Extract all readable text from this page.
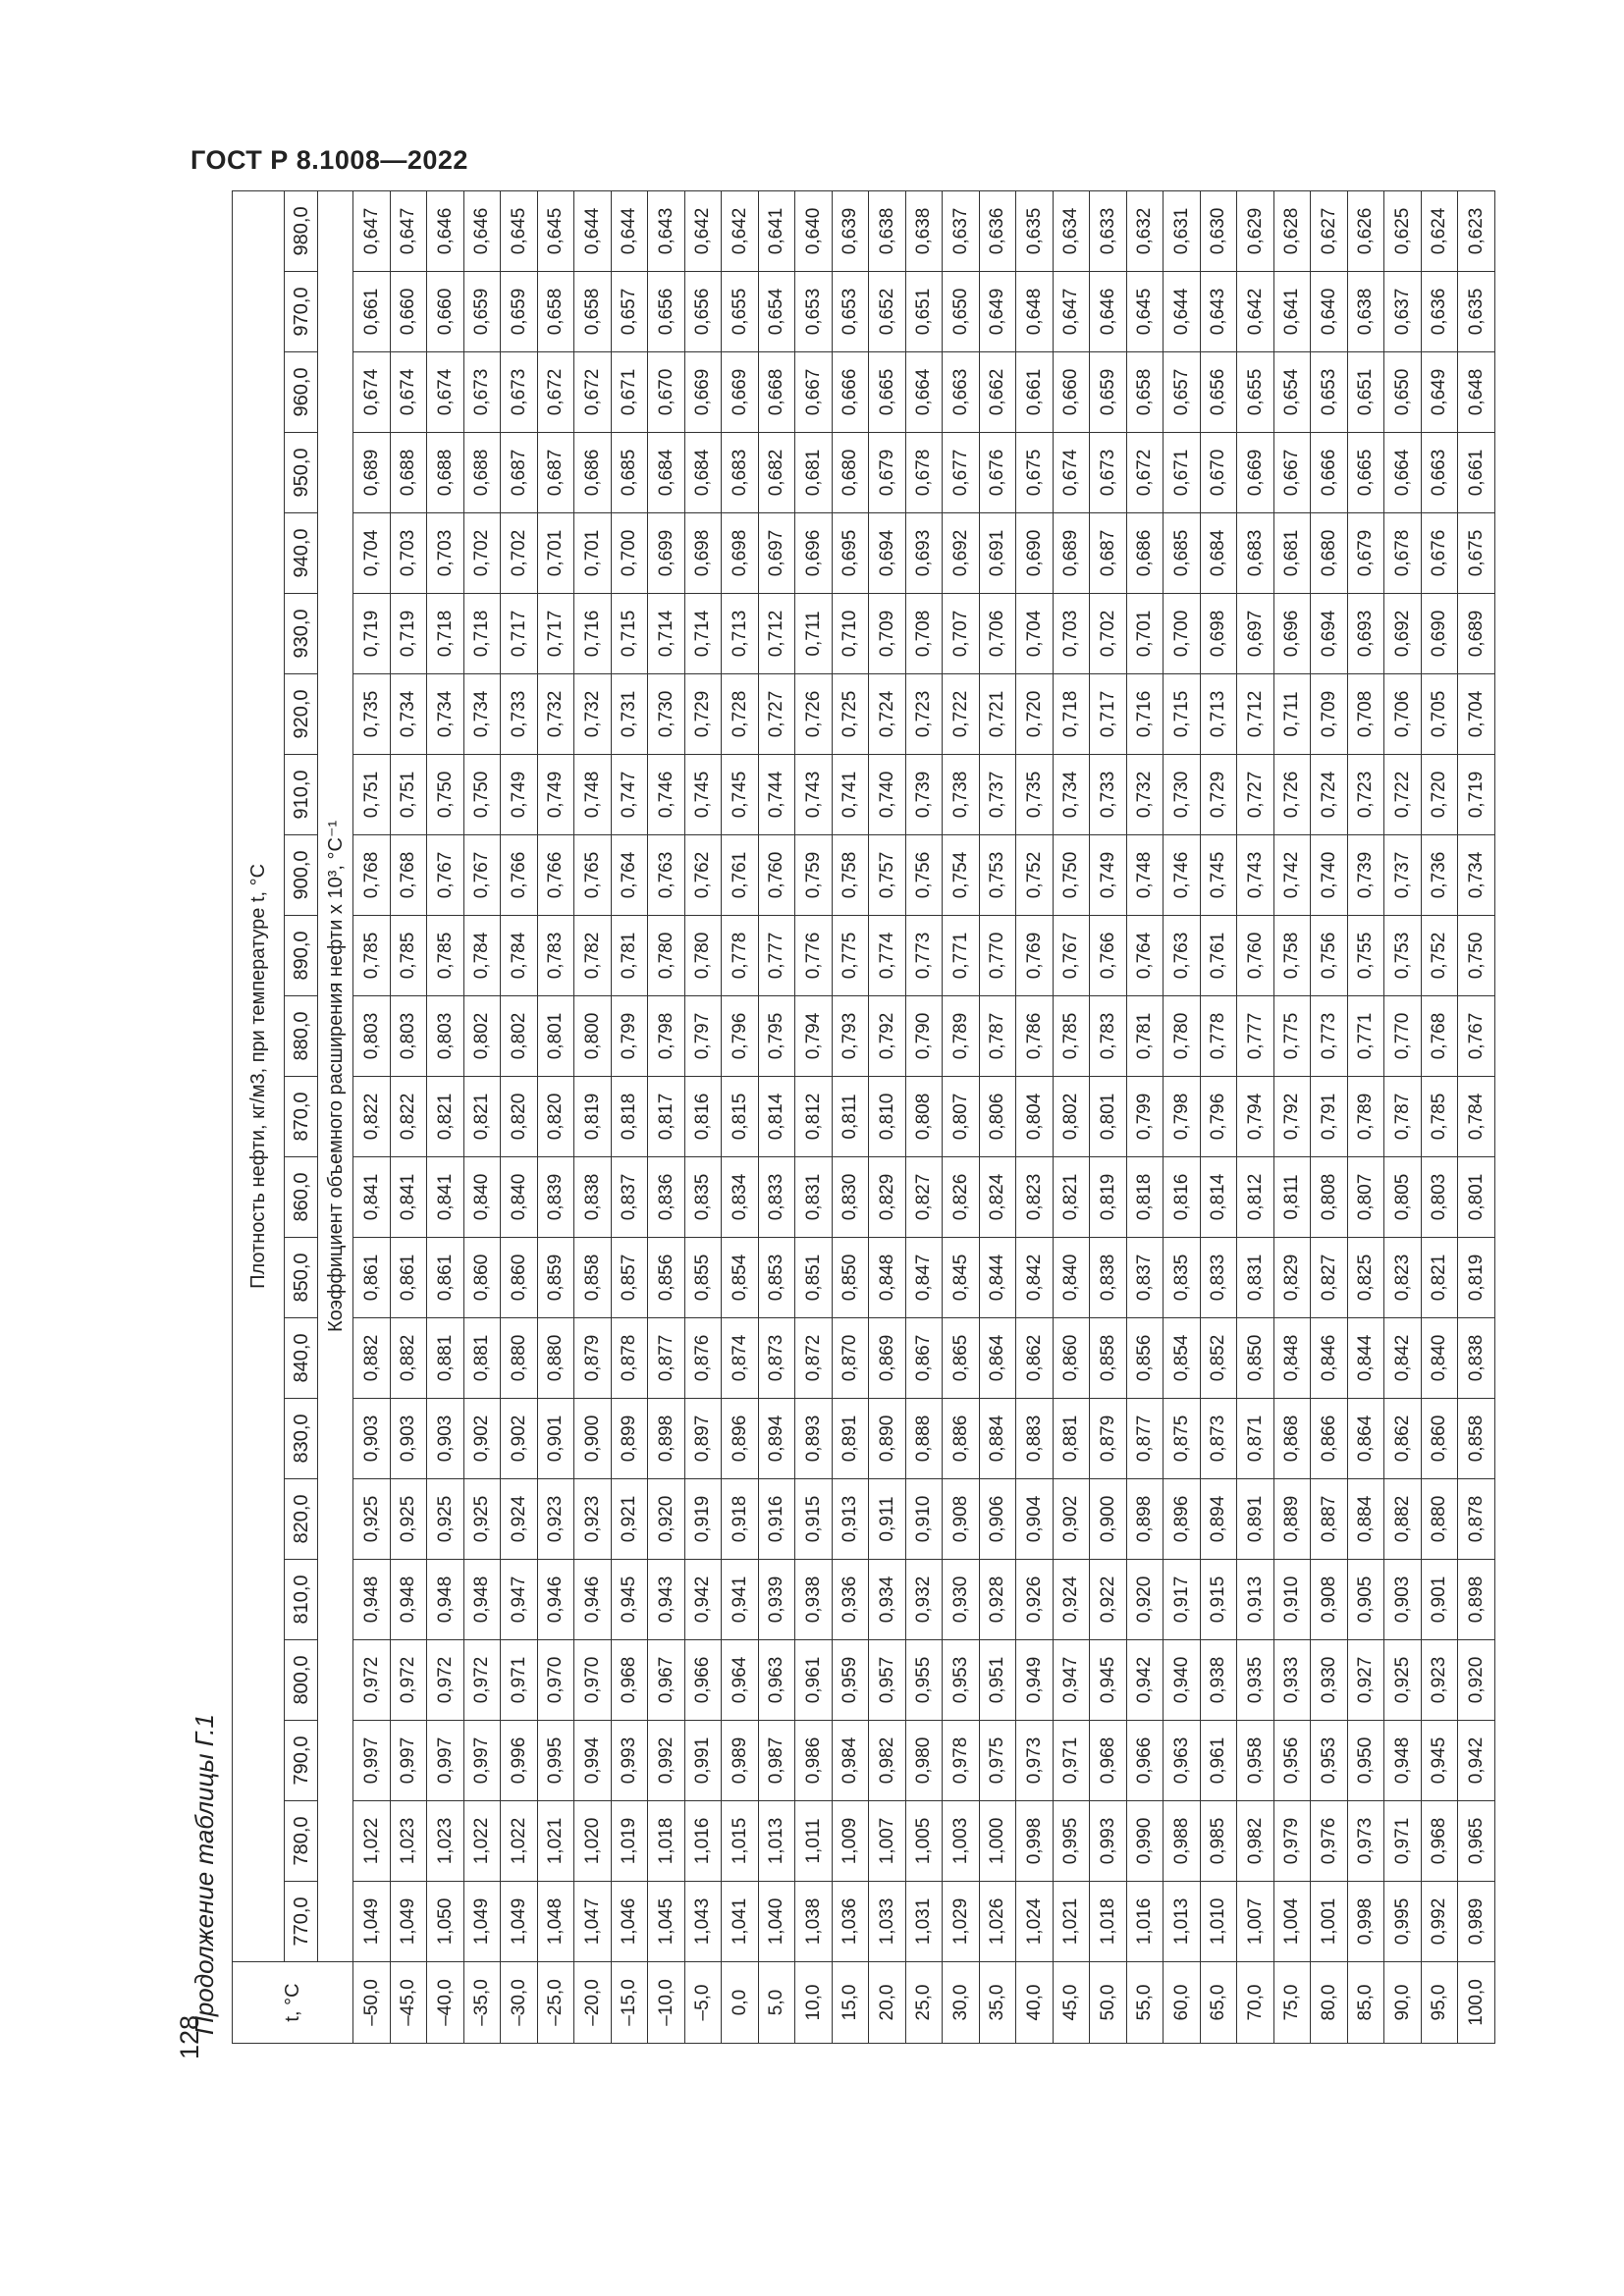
ГОСТ Р 8.1008—2022
Продолжение таблицы Г.1
128
t, °C	Плотность нефти, кг/м3, при температуре t, °C																					
	770,0	780,0	790,0	800,0	810,0	820,0	830,0	840,0	850,0	860,0	870,0	880,0	890,0	900,0	910,0	920,0	930,0	940,0	950,0	960,0	970,0	980,0
	Коэффициент объемного расширения нефти x 10³, °C⁻¹																					
–50,0	1,049	1,022	0,997	0,972	0,948	0,925	0,903	0,882	0,861	0,841	0,822	0,803	0,785	0,768	0,751	0,735	0,719	0,704	0,689	0,674	0,661	0,647
–45,0	1,049	1,023	0,997	0,972	0,948	0,925	0,903	0,882	0,861	0,841	0,822	0,803	0,785	0,768	0,751	0,734	0,719	0,703	0,688	0,674	0,660	0,647
–40,0	1,050	1,023	0,997	0,972	0,948	0,925	0,903	0,881	0,861	0,841	0,821	0,803	0,785	0,767	0,750	0,734	0,718	0,703	0,688	0,674	0,660	0,646
–35,0	1,049	1,022	0,997	0,972	0,948	0,925	0,902	0,881	0,860	0,840	0,821	0,802	0,784	0,767	0,750	0,734	0,718	0,702	0,688	0,673	0,659	0,646
–30,0	1,049	1,022	0,996	0,971	0,947	0,924	0,902	0,880	0,860	0,840	0,820	0,802	0,784	0,766	0,749	0,733	0,717	0,702	0,687	0,673	0,659	0,645
–25,0	1,048	1,021	0,995	0,970	0,946	0,923	0,901	0,880	0,859	0,839	0,820	0,801	0,783	0,766	0,749	0,732	0,717	0,701	0,687	0,672	0,658	0,645
–20,0	1,047	1,020	0,994	0,970	0,946	0,923	0,900	0,879	0,858	0,838	0,819	0,800	0,782	0,765	0,748	0,732	0,716	0,701	0,686	0,672	0,658	0,644
–15,0	1,046	1,019	0,993	0,968	0,945	0,921	0,899	0,878	0,857	0,837	0,818	0,799	0,781	0,764	0,747	0,731	0,715	0,700	0,685	0,671	0,657	0,644
–10,0	1,045	1,018	0,992	0,967	0,943	0,920	0,898	0,877	0,856	0,836	0,817	0,798	0,780	0,763	0,746	0,730	0,714	0,699	0,684	0,670	0,656	0,643
–5,0	1,043	1,016	0,991	0,966	0,942	0,919	0,897	0,876	0,855	0,835	0,816	0,797	0,780	0,762	0,745	0,729	0,714	0,698	0,684	0,669	0,656	0,642
0,0	1,041	1,015	0,989	0,964	0,941	0,918	0,896	0,874	0,854	0,834	0,815	0,796	0,778	0,761	0,745	0,728	0,713	0,698	0,683	0,669	0,655	0,642
5,0	1,040	1,013	0,987	0,963	0,939	0,916	0,894	0,873	0,853	0,833	0,814	0,795	0,777	0,760	0,744	0,727	0,712	0,697	0,682	0,668	0,654	0,641
10,0	1,038	1,011	0,986	0,961	0,938	0,915	0,893	0,872	0,851	0,831	0,812	0,794	0,776	0,759	0,743	0,726	0,711	0,696	0,681	0,667	0,653	0,640
15,0	1,036	1,009	0,984	0,959	0,936	0,913	0,891	0,870	0,850	0,830	0,811	0,793	0,775	0,758	0,741	0,725	0,710	0,695	0,680	0,666	0,653	0,639
20,0	1,033	1,007	0,982	0,957	0,934	0,911	0,890	0,869	0,848	0,829	0,810	0,792	0,774	0,757	0,740	0,724	0,709	0,694	0,679	0,665	0,652	0,638
25,0	1,031	1,005	0,980	0,955	0,932	0,910	0,888	0,867	0,847	0,827	0,808	0,790	0,773	0,756	0,739	0,723	0,708	0,693	0,678	0,664	0,651	0,638
30,0	1,029	1,003	0,978	0,953	0,930	0,908	0,886	0,865	0,845	0,826	0,807	0,789	0,771	0,754	0,738	0,722	0,707	0,692	0,677	0,663	0,650	0,637
35,0	1,026	1,000	0,975	0,951	0,928	0,906	0,884	0,864	0,844	0,824	0,806	0,787	0,770	0,753	0,737	0,721	0,706	0,691	0,676	0,662	0,649	0,636
40,0	1,024	0,998	0,973	0,949	0,926	0,904	0,883	0,862	0,842	0,823	0,804	0,786	0,769	0,752	0,735	0,720	0,704	0,690	0,675	0,661	0,648	0,635
45,0	1,021	0,995	0,971	0,947	0,924	0,902	0,881	0,860	0,840	0,821	0,802	0,785	0,767	0,750	0,734	0,718	0,703	0,689	0,674	0,660	0,647	0,634
50,0	1,018	0,993	0,968	0,945	0,922	0,900	0,879	0,858	0,838	0,819	0,801	0,783	0,766	0,749	0,733	0,717	0,702	0,687	0,673	0,659	0,646	0,633
55,0	1,016	0,990	0,966	0,942	0,920	0,898	0,877	0,856	0,837	0,818	0,799	0,781	0,764	0,748	0,732	0,716	0,701	0,686	0,672	0,658	0,645	0,632
60,0	1,013	0,988	0,963	0,940	0,917	0,896	0,875	0,854	0,835	0,816	0,798	0,780	0,763	0,746	0,730	0,715	0,700	0,685	0,671	0,657	0,644	0,631
65,0	1,010	0,985	0,961	0,938	0,915	0,894	0,873	0,852	0,833	0,814	0,796	0,778	0,761	0,745	0,729	0,713	0,698	0,684	0,670	0,656	0,643	0,630
70,0	1,007	0,982	0,958	0,935	0,913	0,891	0,871	0,850	0,831	0,812	0,794	0,777	0,760	0,743	0,727	0,712	0,697	0,683	0,669	0,655	0,642	0,629
75,0	1,004	0,979	0,956	0,933	0,910	0,889	0,868	0,848	0,829	0,811	0,792	0,775	0,758	0,742	0,726	0,711	0,696	0,681	0,667	0,654	0,641	0,628
80,0	1,001	0,976	0,953	0,930	0,908	0,887	0,866	0,846	0,827	0,808	0,791	0,773	0,756	0,740	0,724	0,709	0,694	0,680	0,666	0,653	0,640	0,627
85,0	0,998	0,973	0,950	0,927	0,905	0,884	0,864	0,844	0,825	0,807	0,789	0,771	0,755	0,739	0,723	0,708	0,693	0,679	0,665	0,651	0,638	0,626
90,0	0,995	0,971	0,948	0,925	0,903	0,882	0,862	0,842	0,823	0,805	0,787	0,770	0,753	0,737	0,722	0,706	0,692	0,678	0,664	0,650	0,637	0,625
95,0	0,992	0,968	0,945	0,923	0,901	0,880	0,860	0,840	0,821	0,803	0,785	0,768	0,752	0,736	0,720	0,705	0,690	0,676	0,663	0,649	0,636	0,624
100,0	0,989	0,965	0,942	0,920	0,898	0,878	0,858	0,838	0,819	0,801	0,784	0,767	0,750	0,734	0,719	0,704	0,689	0,675	0,661	0,648	0,635	0,623
